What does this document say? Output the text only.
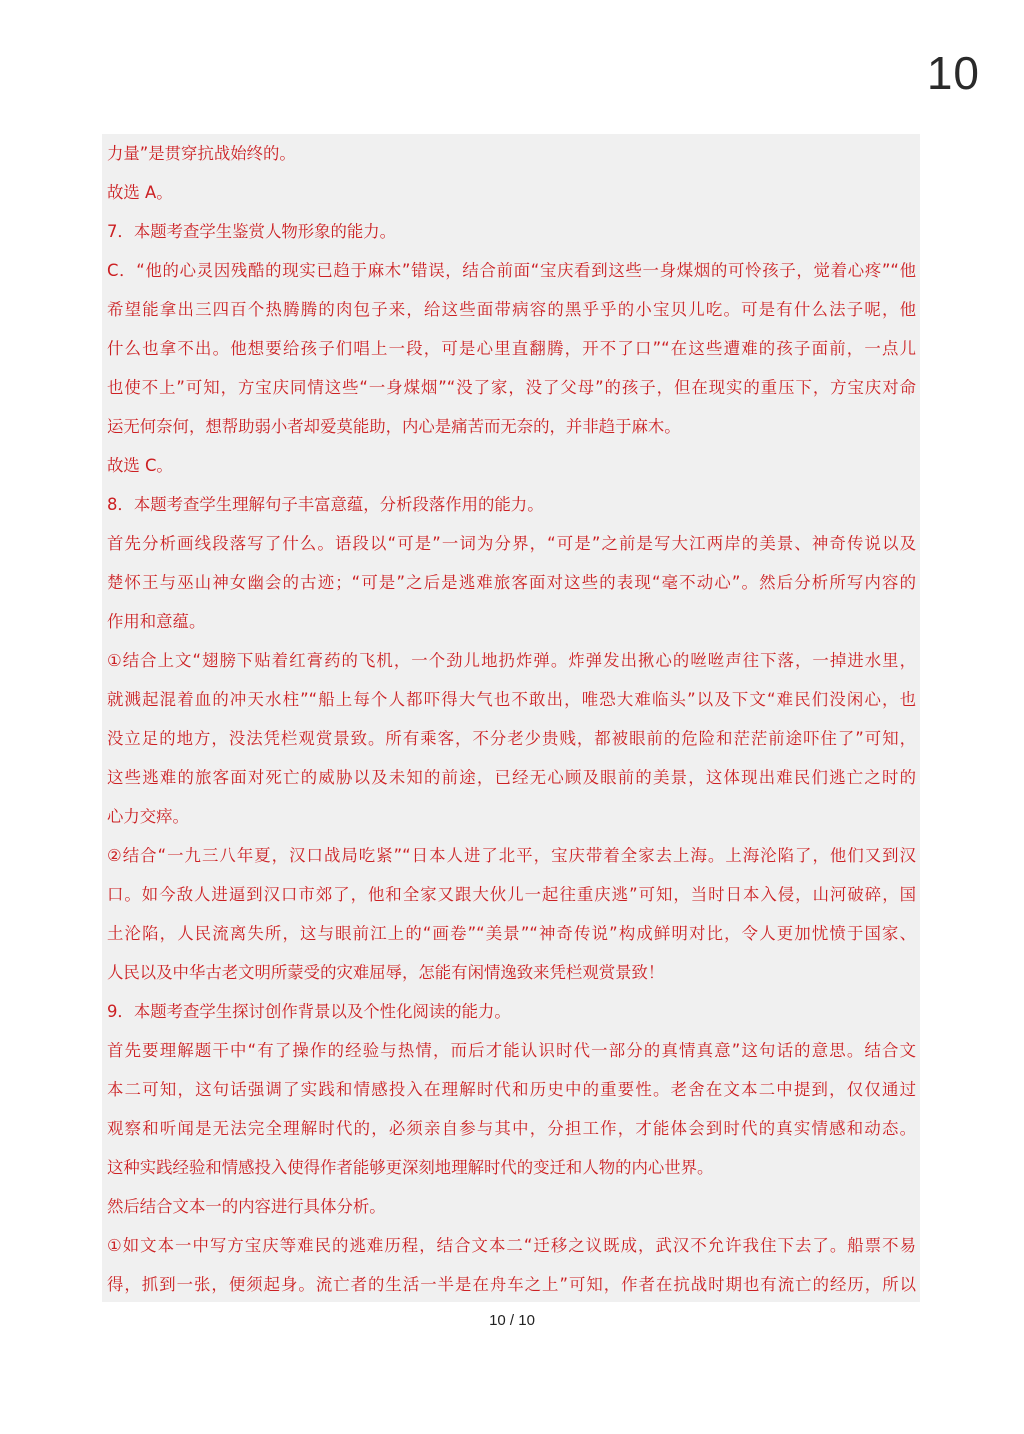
10
力量”是贯穿抗战始终的。
故选 A。
7．本题考查学生鉴赏人物形象的能力。
C．“他的心灵因残酷的现实已趋于麻木”错误，结合前面“宝庆看到这些一身煤烟的可怜孩子，觉着心疼”“他
希望能拿出三四百个热腾腾的肉包子来，给这些面带病容的黑乎乎的小宝贝儿吃。可是有什么法子呢，他
什么也拿不出。他想要给孩子们唱上一段，可是心里直翻腾，开不了口”“在这些遭难的孩子面前，一点儿
也使不上”可知，方宝庆同情这些“一身煤烟”“没了家，没了父母”的孩子，但在现实的重压下，方宝庆对命
运无何奈何，想帮助弱小者却爱莫能助，内心是痛苦而无奈的，并非趋于麻木。
故选 C。
8．本题考查学生理解句子丰富意蕴，分析段落作用的能力。
首先分析画线段落写了什么。语段以“可是”一词为分界，“可是”之前是写大江两岸的美景、神奇传说以及
楚怀王与巫山神女幽会的古迹；“可是”之后是逃难旅客面对这些的表现“毫不动心”。然后分析所写内容的
作用和意蕴。
①结合上文“翅膀下贴着红膏药的飞机，一个劲儿地扔炸弹。炸弹发出揪心的咝咝声往下落，一掉进水里，
就溅起混着血的冲天水柱”“船上每个人都吓得大气也不敢出，唯恐大难临头”以及下文“难民们没闲心，也
没立足的地方，没法凭栏观赏景致。所有乘客，不分老少贵贱，都被眼前的危险和茫茫前途吓住了”可知，
这些逃难的旅客面对死亡的威胁以及未知的前途，已经无心顾及眼前的美景，这体现出难民们逃亡之时的
心力交瘁。
②结合“一九三八年夏，汉口战局吃紧”“日本人进了北平，宝庆带着全家去上海。上海沦陷了，他们又到汉
口。如今敌人进逼到汉口市郊了，他和全家又跟大伙儿一起往重庆逃”可知，当时日本入侵，山河破碎，国
土沦陷，人民流离失所，这与眼前江上的“画卷”“美景”“神奇传说”构成鲜明对比，令人更加忧愤于国家、
人民以及中华古老文明所蒙受的灾难屈辱，怎能有闲情逸致来凭栏观赏景致！
9．本题考查学生探讨创作背景以及个性化阅读的能力。
首先要理解题干中“有了操作的经验与热情，而后才能认识时代一部分的真情真意”这句话的意思。结合文
本二可知，这句话强调了实践和情感投入在理解时代和历史中的重要性。老舍在文本二中提到，仅仅通过
观察和听闻是无法完全理解时代的，必须亲自参与其中，分担工作，才能体会到时代的真实情感和动态。
这种实践经验和情感投入使得作者能够更深刻地理解时代的变迁和人物的内心世界。
然后结合文本一的内容进行具体分析。
①如文本一中写方宝庆等难民的逃难历程，结合文本二“迁移之议既成，武汉不允许我住下去了。船票不易
得，抓到一张，便须起身。流亡者的生活一半是在舟车之上”可知，作者在抗战时期也有流亡的经历，所以
10 / 10
